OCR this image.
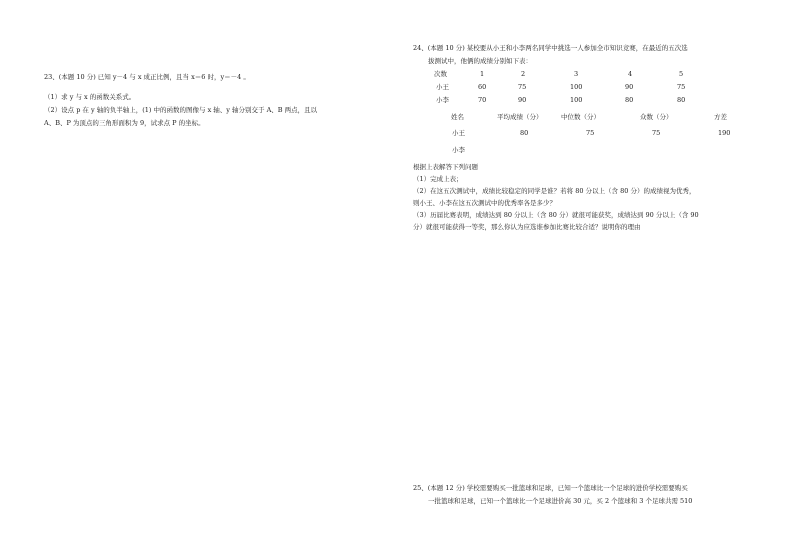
23、(本题 10 分) 已知 y－4 与 x 成正比例，且当 x＝6 时，y＝－4 。
（1）求 y 与 x 的函数关系式。
（2）设点 p 在 y 轴的负半轴上，(1) 中的函数的图像与 x 轴、y 轴分别交于 A、B 两点，且以
A、B、P 为顶点的三角形面积为 9，试求点 P 的坐标。
24、(本题 10 分) 某校要从小王和小李两名同学中挑选一人参加全市知识竞赛，在最近的五次选
拔测试中，他俩的成绩分别如下表：
次数	1	2	3	4	5
小王	60	75	100	90	75
小李	70	90	100	80	80
姓名	平均成绩（分）	中位数（分）	众数（分）	方差
小王	80	75	75	190
小李
根据上表解答下列问题
（1）完成上表；
（2）在这五次测试中，成绩比较稳定的同学是谁？若将 80 分以上（含 80 分）的成绩视为优秀，
则小王、小李在这五次测试中的优秀率各是多少？
（3）历届比赛表明，成绩达到 80 分以上（含 80 分）就很可能获奖，成绩达到 90 分以上（含 90
分）就很可能获得一等奖，那么你认为应选谁参加比赛比较合适？说明你的理由
25、(本题 12 分) 学校需要购买一批篮球和足球，已知一个篮球比一个足球的进价学校需要购买
一批篮球和足球，已知一个篮球比一个足球进价高 30 元，买 2 个篮球和 3 个足球共需 510
